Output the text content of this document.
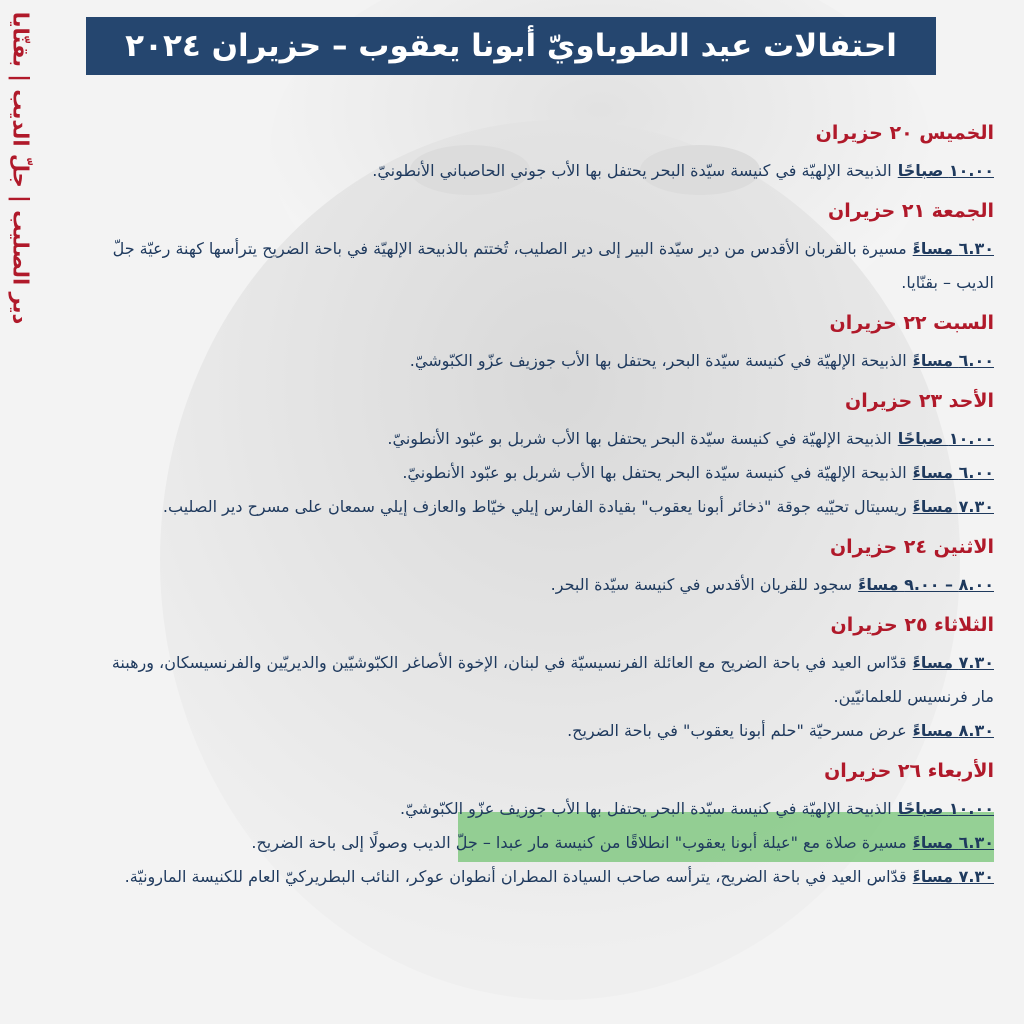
دير الصليب | جلّ الديب | بقنّايا	احتفالات عيد الطوباويّ أبونا يعقوب – حزيران ٢٠٢٤
الخميس ٢٠ حزيران

١٠.٠٠ صباحًاالذبيحة الإلهيّة في كنيسة سيّدة البحر يحتفل بها الأب جوني الحاصباني الأنطونيّ.

الجمعة ٢١ حزيران

٦.٣٠ مساءًمسيرة بالقربان الأقدس من دير سيّدة البير إلى دير الصليب، تُختتم بالذبيحة الإلهيّة في باحة الضريح يترأسها كهنة رعيّة جلّ الديب – بقنّايا.

السبت ٢٢ حزيران

٦.٠٠ مساءًالذبيحة الإلهيّة في كنيسة سيّدة البحر، يحتفل بها الأب جوزيف عزّو الكبّوشيّ.

الأحد ٢٣ حزيران

١٠.٠٠ صباحًاالذبيحة الإلهيّة في كنيسة سيّدة البحر يحتفل بها الأب شربل بو عبّود الأنطونيّ.

٦.٠٠ مساءًالذبيحة الإلهيّة في كنيسة سيّدة البحر يحتفل بها الأب شربل بو عبّود الأنطونيّ.

٧.٣٠ مساءًريسيتال تحيّيه جوقة "ذخائر أبونا يعقوب" بقيادة الفارس إيلي خيّاط والعازف إيلي سمعان على مسرح دير الصليب.

الاثنين ٢٤ حزيران

٨.٠٠ – ٩.٠٠ مساءًسجود للقربان الأقدس في كنيسة سيّدة البحر.

الثلاثاء ٢٥ حزيران

٧.٣٠ مساءًقدّاس العيد في باحة الضريح مع العائلة الفرنسيسيّة في لبنان، الإخوة الأصاغر الكبّوشيّين والديريّين والفرنسيسكان، ورهبنة مار فرنسيس للعلمانيّين.

٨.٣٠ مساءًعرض مسرحيّة "حلم أبونا يعقوب" في باحة الضريح.

الأربعاء ٢٦ حزيران

١٠.٠٠ صباحًاالذبيحة الإلهيّة في كنيسة سيّدة البحر يحتفل بها الأب جوزيف عزّو الكبّوشيّ.

٦.٣٠ مساءًمسيرة صلاة مع "عيلة أبونا يعقوب" انطلاقًا من كنيسة مار عبدا – جلّ الديب وصولًا إلى باحة الضريح.

٧.٣٠ مساءًقدّاس العيد في باحة الضريح، يترأسه صاحب السيادة المطران أنطوان عوكر، النائب البطريركيّ العام للكنيسة المارونيّة.
